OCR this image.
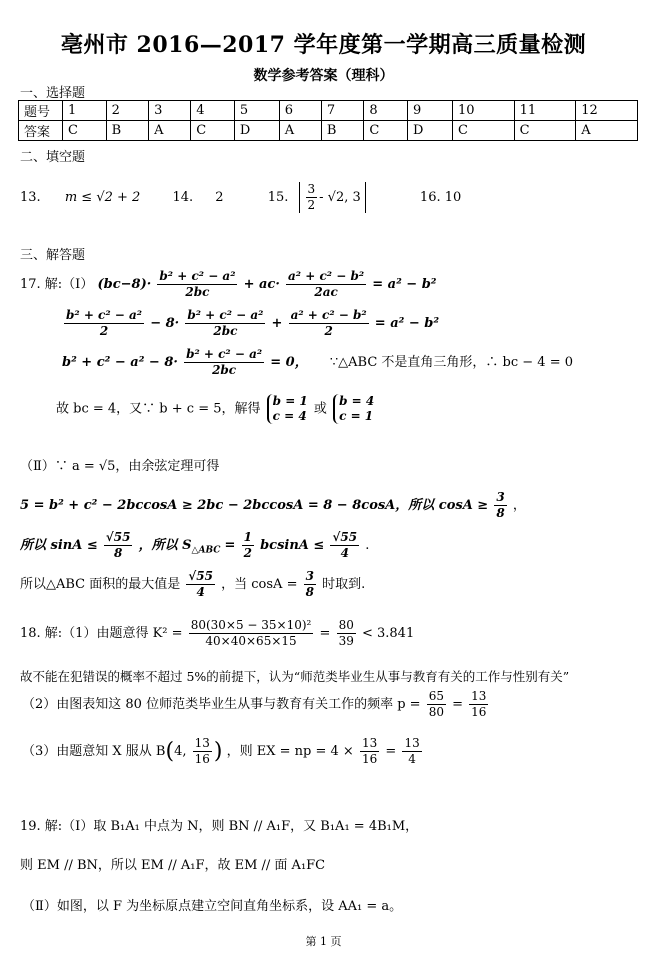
亳州市 2016—2017 学年度第一学期高三质量检测
数学参考答案（理科）
一、选择题
题号	1	2	3	4	5	6	7	8	9	10	11	12
答案	C	B	A	C	D	A	B	C	D	C	C	A
二、填空题
13. m ≤ √2 + 2 14. 2	15. $\frac{3}{2} - √2$, 3	16. 10
三、解答题
17. 解:（Ⅰ） $(bc-8)\cdot \frac{\text{b² + c² − a²}}{2bc} + ac\cdot \frac{\text{a² + c² − b²}}{2ac} = a^2 - b^2$
$\frac{\text{b² + c² − a²}}{2} - 8\cdot \frac{\text{b² + c² − a²}}{2bc} + \frac{\text{a² + c² − b²}}{2} = a^2 - b^2$
$b^2 + c^2 - a^2 - 8\cdot \frac{\text{b² + c² − a²}}{2bc} = 0$， ∵△ABC 不是直角三角形，∴ bc − 4 = 0
故 bc = 4，又∵ b + c = 5，解得
b = 1
c = 4 或
b = 4
c = 1
（Ⅱ）∵ a = √5，由余弦定理可得
5 = b² + c² − 2bccosA ≥ 2bc − 2bccosA = 8 − 8cosA，所以 $\cos A \ge \frac{3}{8}$ ，
所以 $\sin A \le \frac{√55}{8}$ ，所以 $S_{\triangle ABC} = \frac{1}{2}$ $bcsinA \le \frac{√55}{4}$ .
所以△ABC 面积的最大值是 $\frac{√55}{4}$ ，当 $\cos A = \frac{3}{8}$ 时取到.
18. 解:（1）由题意得 $K^2 = \frac{\text{80(30×5 − 35×10)²}}{40\times 40\times 65\times 15} = \frac{80}{39} < 3.841$
故不能在犯错误的概率不超过 5%的前提下，认为“师范类毕业生从事与教育有关的工作与性别有关”
（2）由图表知这 80 位师范类毕业生从事与教育有关工作的频率 $p = \frac{65}{80} = \frac{13}{16}$
（3）由题意知 X 服从 B(4, $\frac{13}{16}$ ) ，则 EX = np = $4 \times \frac{13}{16} = \frac{13}{4}$
19. 解:（Ⅰ）取 B₁A₁ 中点为 N，则 BN // A₁F，又 B₁A₁ = 4B₁M，
则 EM // BN，所以 EM // A₁F，故 EM // 面 A₁FC
（Ⅱ）如图，以 F 为坐标原点建立空间直角坐标系，设 AA₁ = a。
第 1 页
